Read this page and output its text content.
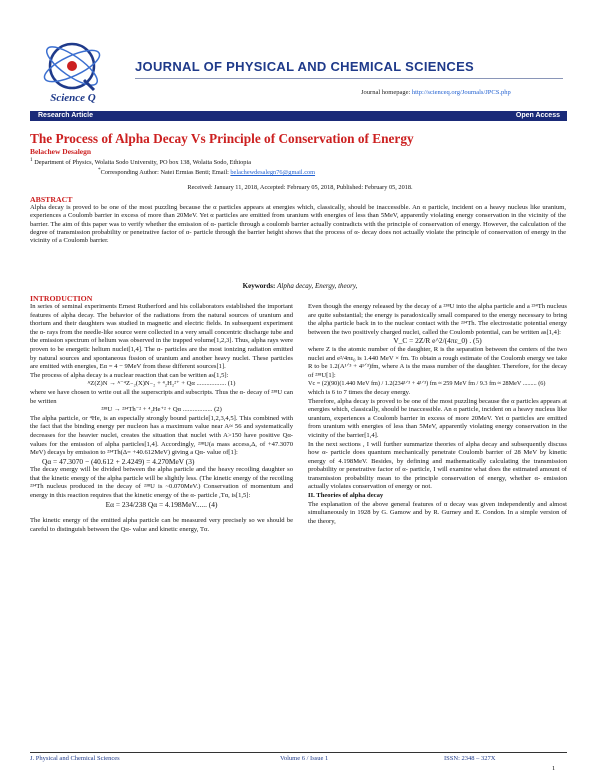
Science Q
JOURNAL OF PHYSICAL AND CHEMICAL SCIENCES
Journal homepage: http://scienceq.org/Journals/JPCS.php
Research Article	Open Access
The Process of Alpha Decay Vs Principle of Conservation of Energy
Belachew Desalegn
$^1$ Department of Physics, Wolaita Sodo University, PO box 138, Wolaita Sodo, Ethiopia
*Corresponding Author: Natei Ermias Benti; Email: belachewdesalegn76@gmail.com
Received: January 11, 2018, Accepted: February 05, 2018, Published: February 05, 2018.
ABSTRACT
Alpha decay is proved to be one of the most puzzling because the α particles appears at energies which, classically, should be inaccessible. An α particle, incident on a heavy nucleus like uranium, experiences a Coulomb barrier in excess of more than 20MeV. Yet α particles are emitted from uranium with energies of less than 5MeV, apparently violating energy conservation in the vicinity of the barrier. The aim of this paper was to verify whether the emission of α- particle through a coulomb barrier actually contradicts with the principle of conservation of energy. However, the calculation of the degree of transmission probability or penetrative factor of α- particle through the barrier height shows that the process of α- decay does not actually violate the principle of conservation of energy in the vicinity of a Coulomb barrier.
Keywords: Alpha decay, Energy, theory,
INTRODUCTION

In series of seminal experiments Ernest Rutherford and his collaborators established the important features of alpha decay. The behavior of the radiations from the natural sources of uranium and thorium and their daughters was studied in magnetic and electric fields. In subsequent experiment the α- rays from the needle-like source were collected in a very small concentric discharge tube and the emission spectrum of helium was observed in the trapped volume[1,2,3]. Thus, alpha rays were proven to be energetic helium nuclei[1,4]. The α- particles are the most ionizing radiation emitted by natural sources and spontaneous fission of uranium and another heavy nuclei. These particles are emitted with energies, Eα = 4 − 9MeV from these different sources[1].

The process of alpha decay is a nuclear reaction that can be written as[1,5]:

ᴬZ(Z)N → ᴬ⁻⁴Z₋₂(X)N₋₂ + ⁴₂H₂²⁺ + Qα .................. (1)

where we have chosen to write out all the superscripts and subscripts. Thus the α- decay of ²³⁸U can be written

²³⁸U → ²³⁴Th⁻² + ⁴₂He⁺² + Qα .................. (2)

The alpha particle, or ⁴He, is an especially strongly bound particle[1,2,3,4,5]. This combined with the fact that the binding energy per nucleon has a maximum value near A≈ 56 and systematically decreases for the heavier nuclei, creates the situation that nuclei with A>150 have positive Qα- values for the emission of alpha particles[1,4]. Accordingly, ²³⁸U(a mass access,Δ, of +47.3070 MeV) decays by emission to ²³⁴Th(Δ= +40.612MeV) giving a Qα- value of[1]:

Qα = 47.3070 − (40.612 + 2.4249) = 4.270MeV (3)

The decay energy will be divided between the alpha particle and the heavy recoiling daughter so that the kinetic energy of the alpha particle will be slightly less. (The kinetic energy of the recoiling ²³⁴Th nucleus produced in the decay of ²³⁸U is ~0.070MeV.) Conservation of momentum and energy in this reaction requires that the kinetic energy of the α- particle ,Tα, is[1,5]:

Eα = 234/238 Qα = 4.198MeV...... (4)

The kinetic energy of the emitted alpha particle can be measured very precisely so we should be careful to distinguish between the Qα- value and kinetic energy, Tα.

Even though the energy released by the decay of a ²³⁸U into the alpha particle and a ²³⁴Th nucleus are quite substantial; the energy is paradoxically small compared to the energy necessary to bring the alpha particle back in to the nuclear contact with the ²³⁴Th. The electrostatic potential energy between the two positively charged nuclei, called the Coulomb potential, can be written as[1,4]:

V_C = 2Z/R e^2/(4πε_0) . (5)

where Z is the atomic number of the daughter, R is the separation between the centers of the two nuclei and e²/4πε₀ is 1.440 MeV × fm. To obtain a rough estimate of the Coulomb energy we take R to be 1.2(A¹ᐟ³ + 4¹ᐟ³)fm, where A is the mass number of the daughter. Therefore, for the decay of ²³⁸U[1]:

Vc = (2)(90)(1.440 MeV fm) / 1.2(234¹ᐟ³ + 4¹ᐟ³) fm ≈ 259 MeV fm / 9.3 fm ≈ 28MeV ......... (6)

which is 6 to 7 times the decay energy.

Therefore, alpha decay is proved to be one of the most puzzling because the α particles appears at energies which, classically, should be inaccessible. An α particle, incident on a heavy nucleus like uranium, experiences a Coulomb barrier in excess of more 20MeV. Yet α particles are emitted from uranium with energies of less than 5MeV, apparently violating energy conservation in the vicinity of the barrier[1,4].

In the next sections , I will further summarize theories of alpha decay and subsequently discuss how α- particle does quantum mechanically penetrate Coulomb barrier of 28 MeV by kinetic energy of 4.198MeV. Besides, by defining and mathematically calculating the transmission probability or penetrative factor of α- particle, I will examine what does the estimated amount of transmission probability mean to the principle conservation of energy, whether α- emission actually violates conservation of energy or not.

II. Theories of alpha decay

The explanation of the above general features of α decay was given independently and almost simultaneously in 1928 by G. Gamow and by R. Gurney and E. Condon. In a simple version of the theory,

J. Physical and Chemical Sciences	Volume 6 / Issue 1	ISSN: 2348 – 327X
1
